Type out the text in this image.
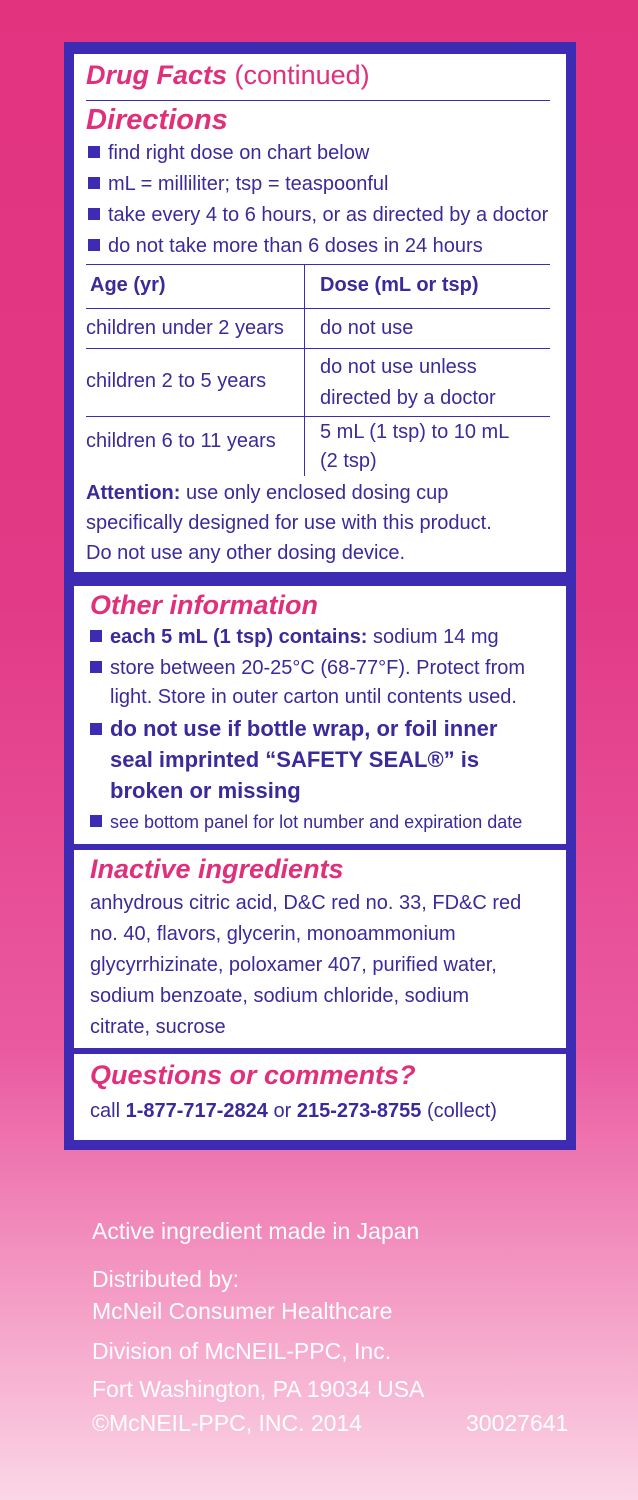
Drug Facts (continued)
Directions
find right dose on chart below
mL = milliliter; tsp = teaspoonful
take every 4 to 6 hours, or as directed by a doctor
do not take more than 6 doses in 24 hours
Age (yr)	Dose (mL or tsp)
children under 2 years do not use
children 2 to 5 years
do not use unless
directed by a doctor
children 6 to 11 years 5 mL (1 tsp) to 10 mL
(2 tsp)
Attention: use only enclosed dosing cup
specifically designed for use with this product.
Do not use any other dosing device.
Other information
each 5 mL (1 tsp) contains: sodium 14 mg
store between 20-25°C (68-77°F). Protect from
light. Store in outer carton until contents used.
do not use if bottle wrap, or foil inner
seal imprinted “SAFETY SEAL®” is
broken or missing
see bottom panel for lot number and expiration date
Inactive ingredients
anhydrous citric acid, D&C red no. 33, FD&C red
no. 40, flavors, glycerin, monoammonium
glycyrrhizinate, poloxamer 407, purified water,
sodium benzoate, sodium chloride, sodium
citrate, sucrose
Questions or comments?
call 1-877-717-2824 or 215-273-8755 (collect)
Active ingredient made in Japan
Distributed by:
McNeil Consumer Healthcare
Division of McNEIL-PPC, Inc.
Fort Washington, PA 19034 USA
©McNEIL-PPC, INC. 2014	30027641
